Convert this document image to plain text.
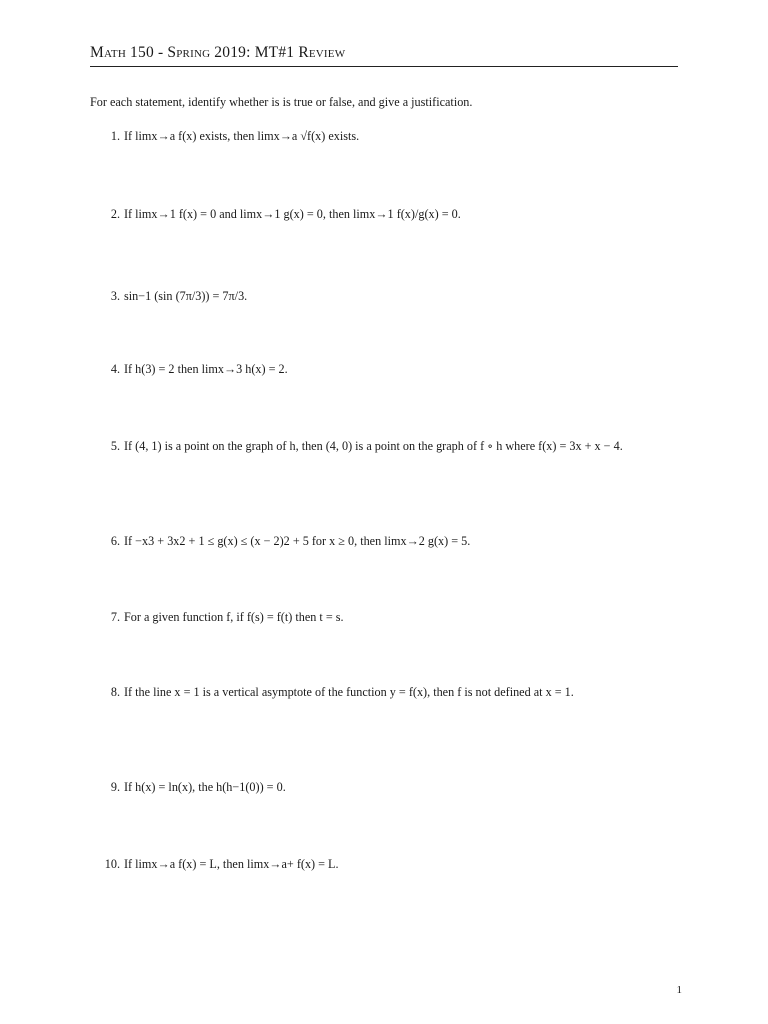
Math 150 - Spring 2019: MT#1 Review
For each statement, identify whether is is true or false, and give a justification.
1. If limx→a f(x) exists, then limx→a √f(x) exists.
2. If limx→1 f(x) = 0 and limx→1 g(x) = 0, then limx→1 f(x)/g(x) = 0.
3. sin−1 (sin (7π/3)) = 7π/3.
4. If h(3) = 2 then limx→3 h(x) = 2.
5. If (4, 1) is a point on the graph of h, then (4, 0) is a point on the graph of f ∘ h where f(x) = 3x + x − 4.
6. If −x3 + 3x2 + 1 ≤ g(x) ≤ (x − 2)2 + 5 for x ≥ 0, then limx→2 g(x) = 5.
7. For a given function f, if f(s) = f(t) then t = s.
8. If the line x = 1 is a vertical asymptote of the function y = f(x), then f is not defined at x = 1.
9. If h(x) = ln(x), the h(h−1(0)) = 0.
10. If limx→a f(x) = L, then limx→a+ f(x) = L.
1
